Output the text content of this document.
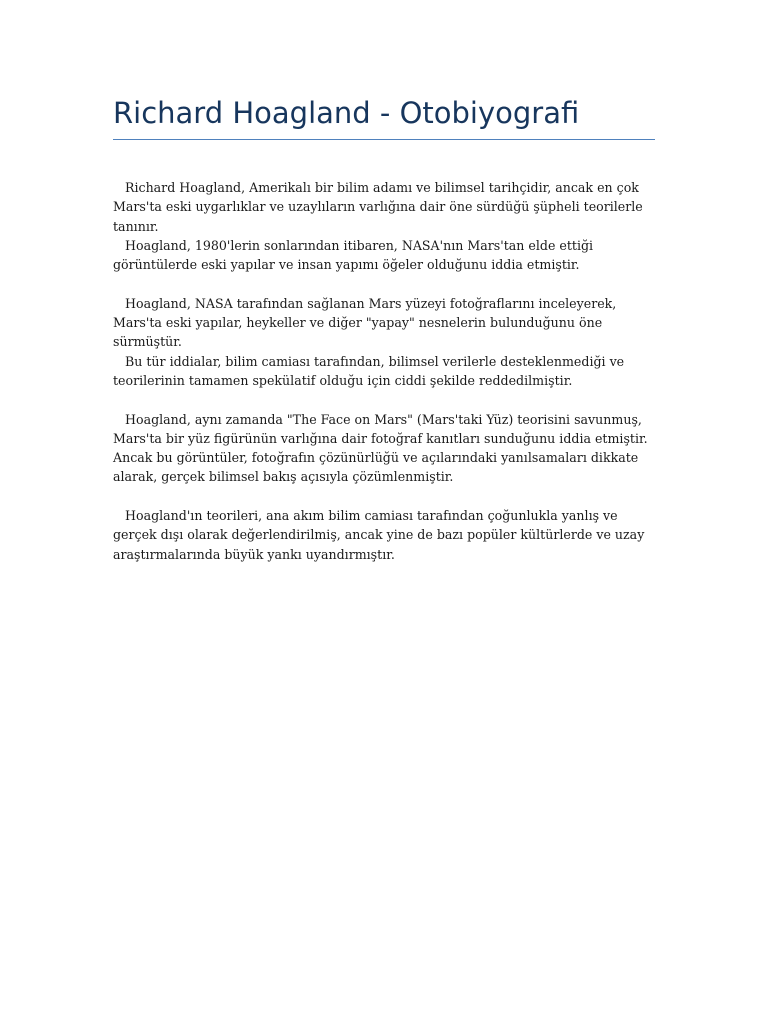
Richard Hoagland - Otobiyografi

Richard Hoagland, Amerikalı bir bilim adamı ve bilimsel tarihçidir, ancak en çok Mars'ta eski uygarlıklar ve uzaylıların varlığına dair öne sürdüğü şüpheli teorilerle tanınır.

Hoagland, 1980'lerin sonlarından itibaren, NASA'nın Mars'tan elde ettiği görüntülerde eski yapılar ve insan yapımı öğeler olduğunu iddia etmiştir.

Hoagland, NASA tarafından sağlanan Mars yüzeyi fotoğraflarını inceleyerek, Mars'ta eski yapılar, heykeller ve diğer "yapay" nesnelerin bulunduğunu öne sürmüştür.

Bu tür iddialar, bilim camiası tarafından, bilimsel verilerle desteklenmediği ve teorilerinin tamamen spekülatif olduğu için ciddi şekilde reddedilmiştir.

Hoagland, aynı zamanda "The Face on Mars" (Mars'taki Yüz) teorisini savunmuş, Mars'ta bir yüz figürünün varlığına dair fotoğraf kanıtları sunduğunu iddia etmiştir. Ancak bu görüntüler, fotoğrafın çözünürlüğü ve açılarındaki yanılsamaları dikkate alarak, gerçek bilimsel bakış açısıyla çözümlenmiştir.

Hoagland'ın teorileri, ana akım bilim camiası tarafından çoğunlukla yanlış ve gerçek dışı olarak değerlendirilmiş, ancak yine de bazı popüler kültürlerde ve uzay araştırmalarında büyük yankı uyandırmıştır.
